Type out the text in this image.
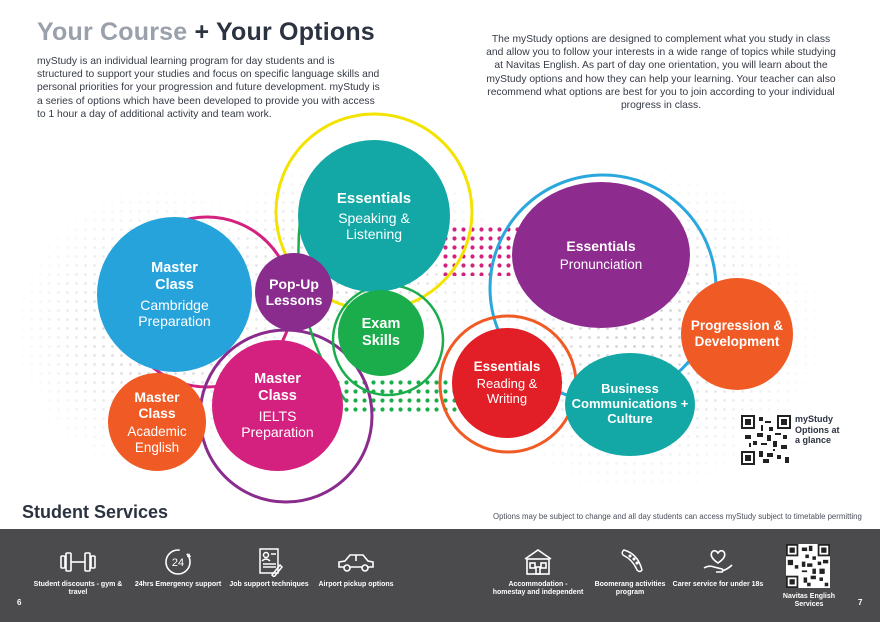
Your Course + Your Options

myStudy is an individual learning program for day students and is structured to support your studies and focus on specific language skills and personal priorities for your progression and future development. myStudy is a series of options which have been developed to provide you with access to 1 hour a day of additional activity and team work.

The myStudy options are designed to complement what you study in class and allow you to follow your interests in a wide range of topics while studying at Navitas English. As part of day one orientation, you will learn about the myStudy options and how they can help your learning. Your teacher can also recommend what options are best for you to join according to your individual progress in class.

Essentials
Speaking & Listening
Master Class
Cambridge Preparation
Pop-Up Lessons
Exam Skills
Master Class
IELTS Preparation
Master Class
Academic English
Essentials
Pronunciation
Progression & Development
Essentials
Reading & Writing
Business Communications + Culture	myStudy Options at a glance
Student Services	Options may be subject to change and all day students can access myStudy subject to timetable permitting
Student discounts - gym & travel
24
24hrs Emergency support	Job support techniques	Airport pickup options	Accommodation - homestay and independent
Boomerang activities program
Carer service for under 18s
Navitas English Services
6	7
